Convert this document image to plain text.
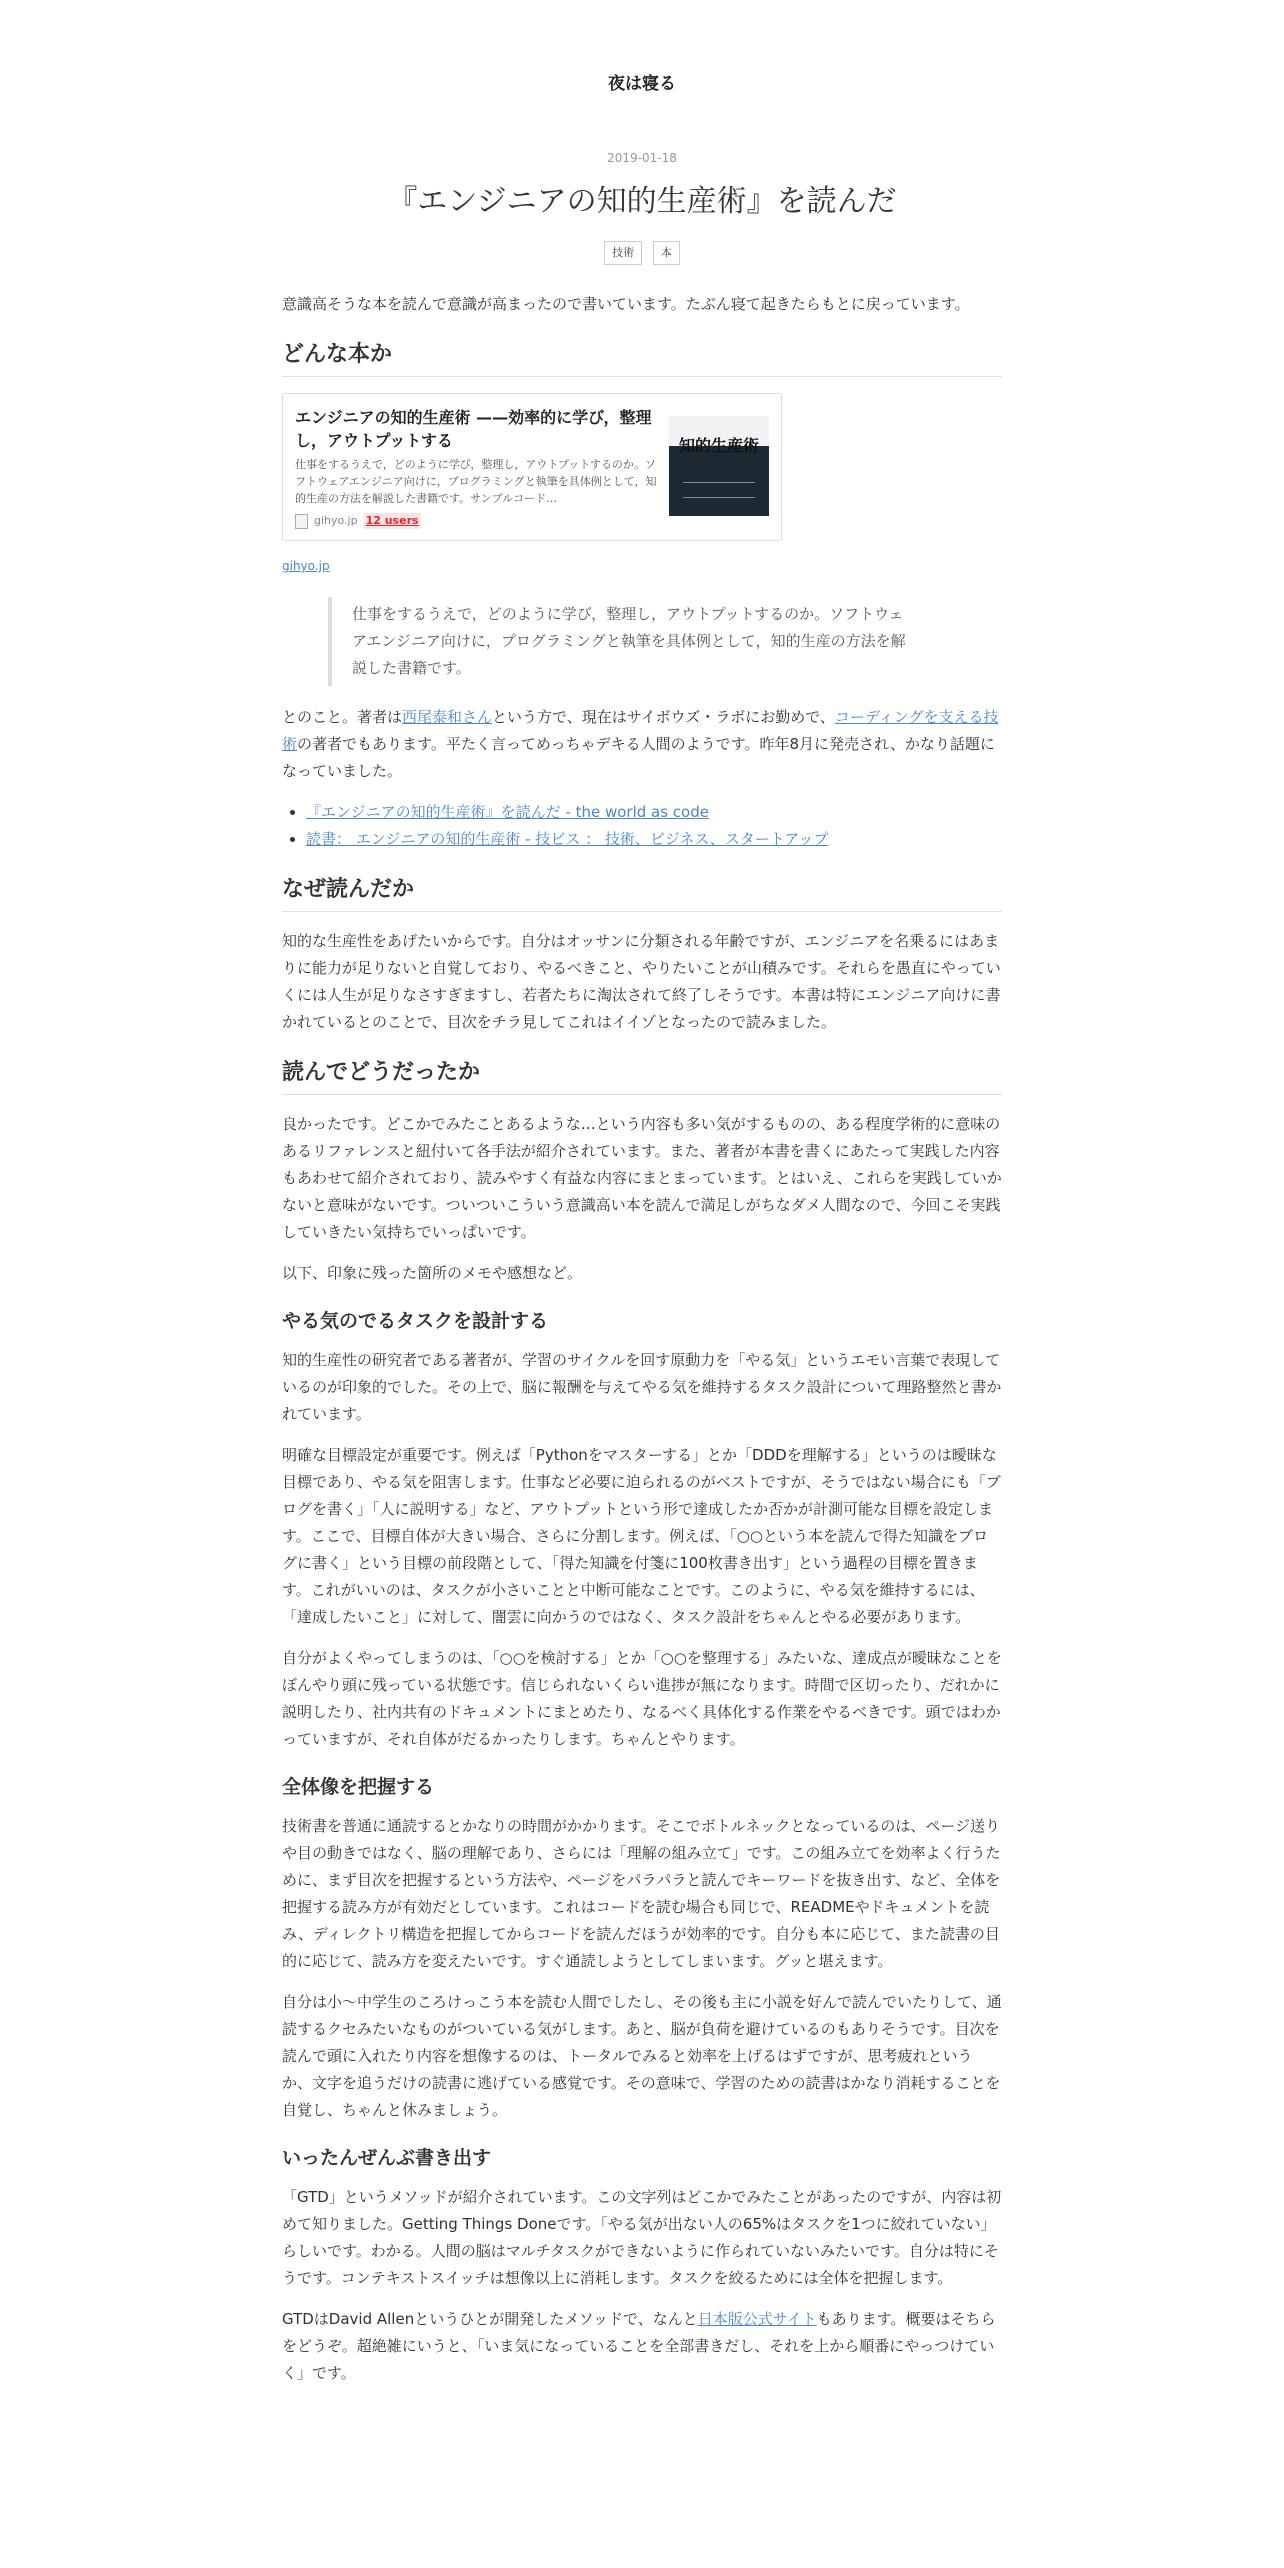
夜は寝る
2019-01-18
『エンジニアの知的生産術』を読んだ
技術 本

意識高そうな本を読んで意識が高まったので書いています。たぶん寝て起きたらもとに戻っています。

どんな本か
エンジニアの知的生産術 ——効率的に学び，整理し，アウトプットする
仕事をするうえで，どのように学び，整理し，アウトプットするのか。ソフトウェアエンジニア向けに，プログラミングと執筆を具体例として，知的生産の方法を解説した書籍です。サンプルコード…
gihyo.jp 12 users
知的生産術
gihyo.jp
仕事をするうえで，どのように学び，整理し，アウトプットするのか。ソフトウェアエンジニア向けに，プログラミングと執筆を具体例として，知的生産の方法を解説した書籍です。

とのこと。著者は西尾泰和さんという方で、現在はサイボウズ・ラボにお勤めで、コーディングを支える技術の著者でもあります。平たく言ってめっちゃデキる人間のようです。昨年8月に発売され、かなり話題になっていました。

• 『エンジニアの知的生産術』を読んだ - the world as code
• 読書： エンジニアの知的生産術 - 技ビス ： 技術、ビジネス、スタートアップ
なぜ読んだか

知的な生産性をあげたいからです。自分はオッサンに分類される年齢ですが、エンジニアを名乗るにはあまりに能力が足りないと自覚しており、やるべきこと、やりたいことが山積みです。それらを愚直にやっていくには人生が足りなさすぎますし、若者たちに淘汰されて終了しそうです。本書は特にエンジニア向けに書かれているとのことで、目次をチラ見してこれはイイゾとなったので読みました。

読んでどうだったか

良かったです。どこかでみたことあるような…という内容も多い気がするものの、ある程度学術的に意味のあるリファレンスと紐付いて各手法が紹介されています。また、著者が本書を書くにあたって実践した内容もあわせて紹介されており、読みやすく有益な内容にまとまっています。とはいえ、これらを実践していかないと意味がないです。ついついこういう意識高い本を読んで満足しがちなダメ人間なので、今回こそ実践していきたい気持ちでいっぱいです。

以下、印象に残った箇所のメモや感想など。

やる気のでるタスクを設計する

知的生産性の研究者である著者が、学習のサイクルを回す原動力を「やる気」というエモい言葉で表現しているのが印象的でした。その上で、脳に報酬を与えてやる気を維持するタスク設計について理路整然と書かれています。

明確な目標設定が重要です。例えば「Pythonをマスターする」とか「DDDを理解する」というのは曖昧な目標であり、やる気を阻害します。仕事など必要に迫られるのがベストですが、そうではない場合にも「ブログを書く」「人に説明する」など、アウトプットという形で達成したか否かが計測可能な目標を設定します。ここで、目標自体が大きい場合、さらに分割します。例えば、「○○という本を読んで得た知識をブログに書く」という目標の前段階として、「得た知識を付箋に100枚書き出す」という過程の目標を置きます。これがいいのは、タスクが小さいことと中断可能なことです。このように、やる気を維持するには、「達成したいこと」に対して、闇雲に向かうのではなく、タスク設計をちゃんとやる必要があります。

自分がよくやってしまうのは、「○○を検討する」とか「○○を整理する」みたいな、達成点が曖昧なことをぼんやり頭に残っている状態です。信じられないくらい進捗が無になります。時間で区切ったり、だれかに説明したり、社内共有のドキュメントにまとめたり、なるべく具体化する作業をやるべきです。頭ではわかっていますが、それ自体がだるかったりします。ちゃんとやります。

全体像を把握する

技術書を普通に通読するとかなりの時間がかかります。そこでボトルネックとなっているのは、ページ送りや目の動きではなく、脳の理解であり、さらには「理解の組み立て」です。この組み立てを効率よく行うために、まず目次を把握するという方法や、ページをパラパラと読んでキーワードを抜き出す、など、全体を把握する読み方が有効だとしています。これはコードを読む場合も同じで、READMEやドキュメントを読み、ディレクトリ構造を把握してからコードを読んだほうが効率的です。自分も本に応じて、また読書の目的に応じて、読み方を変えたいです。すぐ通読しようとしてしまいます。グッと堪えます。

自分は小～中学生のころけっこう本を読む人間でしたし、その後も主に小説を好んで読んでいたりして、通読するクセみたいなものがついている気がします。あと、脳が負荷を避けているのもありそうです。目次を読んで頭に入れたり内容を想像するのは、トータルでみると効率を上げるはずですが、思考疲れというか、文字を追うだけの読書に逃げている感覚です。その意味で、学習のための読書はかなり消耗することを自覚し、ちゃんと休みましょう。

いったんぜんぶ書き出す

「GTD」というメソッドが紹介されています。この文字列はどこかでみたことがあったのですが、内容は初めて知りました。Getting Things Doneです。「やる気が出ない人の65%はタスクを1つに絞れていない」らしいです。わかる。人間の脳はマルチタスクができないように作られていないみたいです。自分は特にそうです。コンテキストスイッチは想像以上に消耗します。タスクを絞るためには全体を把握します。

GTDはDavid Allenというひとが開発したメソッドで、なんと日本版公式サイトもあります。概要はそちらをどうぞ。超絶雑にいうと、「いま気になっていることを全部書きだし、それを上から順番にやっつけていく」です。
